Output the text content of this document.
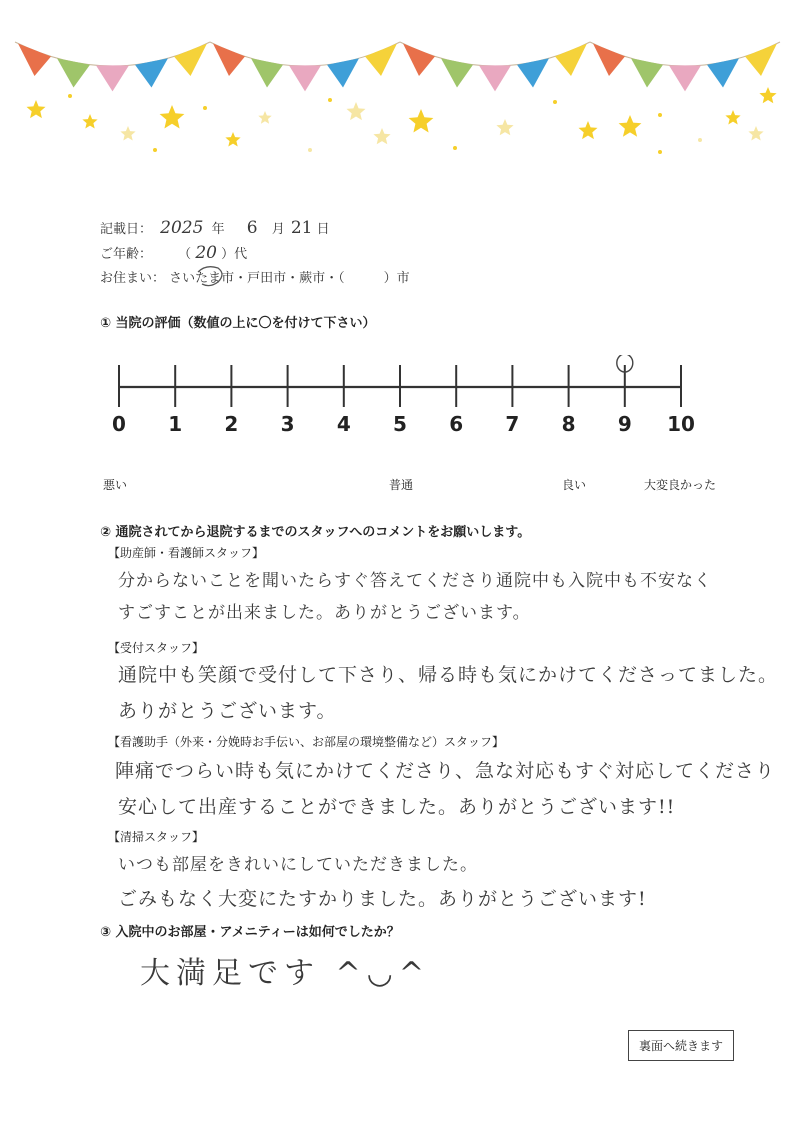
記載日： 2025 年 6 月 21 日
ご年齢： （ 20 ）代
お住まい： さいたま市・戸田市・蕨市・（　　　）市
① 当院の評価（数値の上に〇を付けて下さい）
0	1	2	3	4	5	6	7	8	9	10
悪い	普通	良い	大変良かった
② 通院されてから退院するまでのスタッフへのコメントをお願いします。
【助産師・看護師スタッフ】
分からないことを聞いたらすぐ答えてくださり通院中も入院中も不安なく
すごすことが出来ました。ありがとうございます。
【受付スタッフ】
通院中も笑顔で受付して下さり、帰る時も気にかけてくださってました。
ありがとうございます。
【看護助手（外来・分娩時お手伝い、お部屋の環境整備など）スタッフ】
陣痛でつらい時も気にかけてくださり、急な対応もすぐ対応してくださり
安心して出産することができました。ありがとうございます!!
【清掃スタッフ】
いつも部屋をきれいにしていただきました。
ごみもなく大変にたすかりました。ありがとうございます!
③ 入院中のお部屋・アメニティーは如何でしたか？
大満足です ^◡^
裏面へ続きます
